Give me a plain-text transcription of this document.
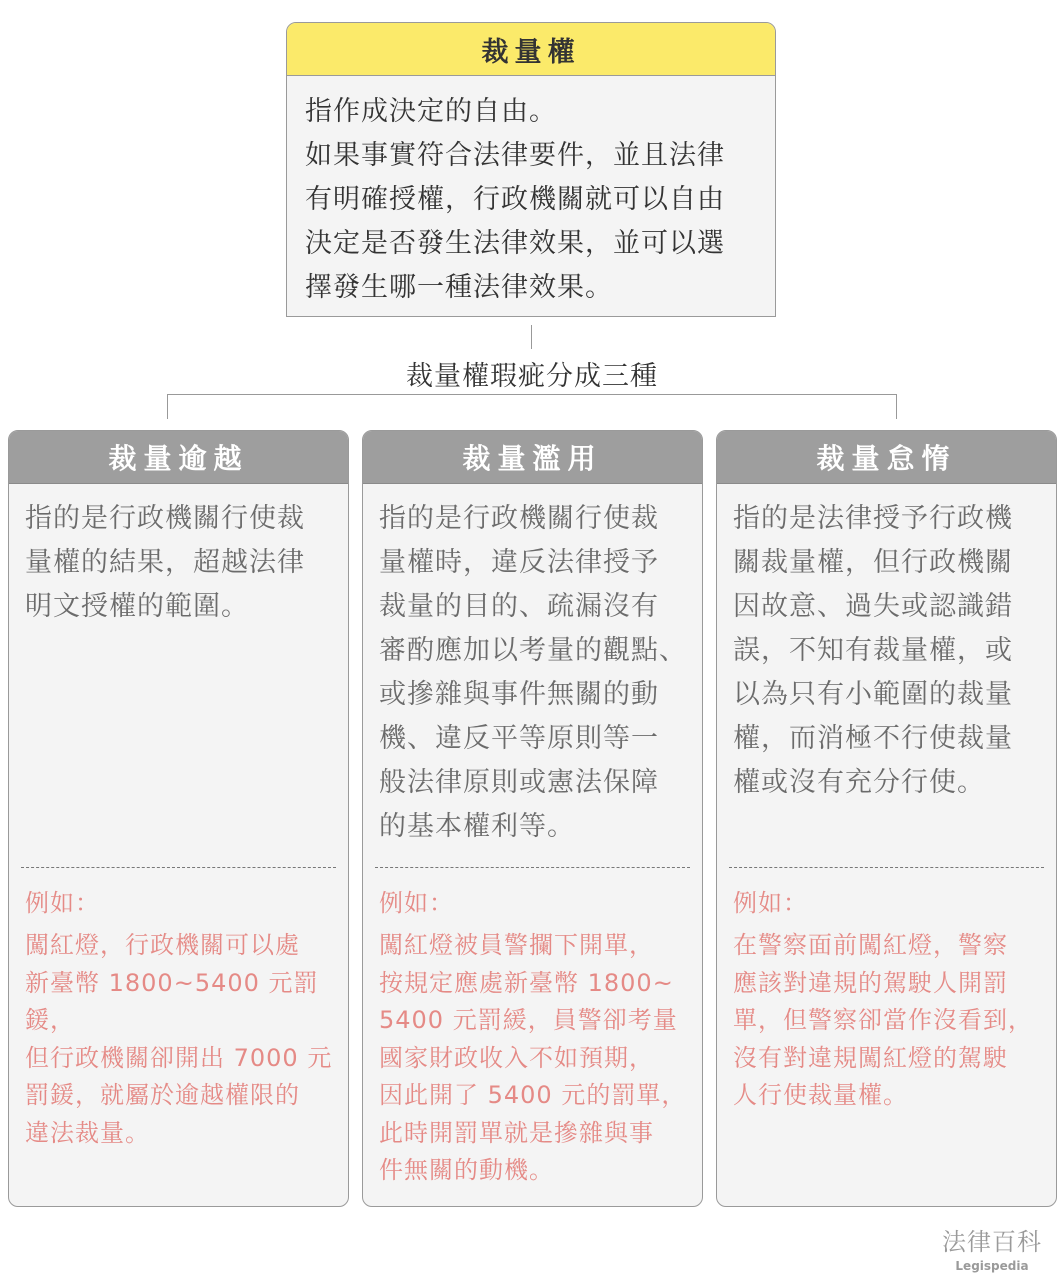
裁量權
指作成決定的自由。
如果事實符合法律要件，並且法律
有明確授權，行政機關就可以自由
決定是否發生法律效果，並可以選
擇發生哪一種法律效果。
裁量權瑕疵分成三種
裁量逾越
指的是行政機關行使裁
量權的結果，超越法律
明文授權的範圍。
例如：
闖紅燈，行政機關可以處
新臺幣 1800~5400 元罰鍰，
但行政機關卻開出 7000 元
罰鍰，就屬於逾越權限的
違法裁量。
裁量濫用
指的是行政機關行使裁
量權時，違反法律授予
裁量的目的、疏漏沒有
審酌應加以考量的觀點、
或摻雜與事件無關的動
機、違反平等原則等一
般法律原則或憲法保障
的基本權利等。
例如：
闖紅燈被員警攔下開單，
按規定應處新臺幣 1800~
5400 元罰緩，員警卻考量
國家財政收入不如預期，
因此開了 5400 元的罰單，
此時開罰單就是摻雜與事
件無關的動機。
裁量怠惰
指的是法律授予行政機
關裁量權，但行政機關
因故意、過失或認識錯
誤，不知有裁量權，或
以為只有小範圍的裁量
權，而消極不行使裁量
權或沒有充分行使。
例如：
在警察面前闖紅燈，警察
應該對違規的駕駛人開罰
單，但警察卻當作沒看到，
沒有對違規闖紅燈的駕駛
人行使裁量權。
法律百科
Legispedia
